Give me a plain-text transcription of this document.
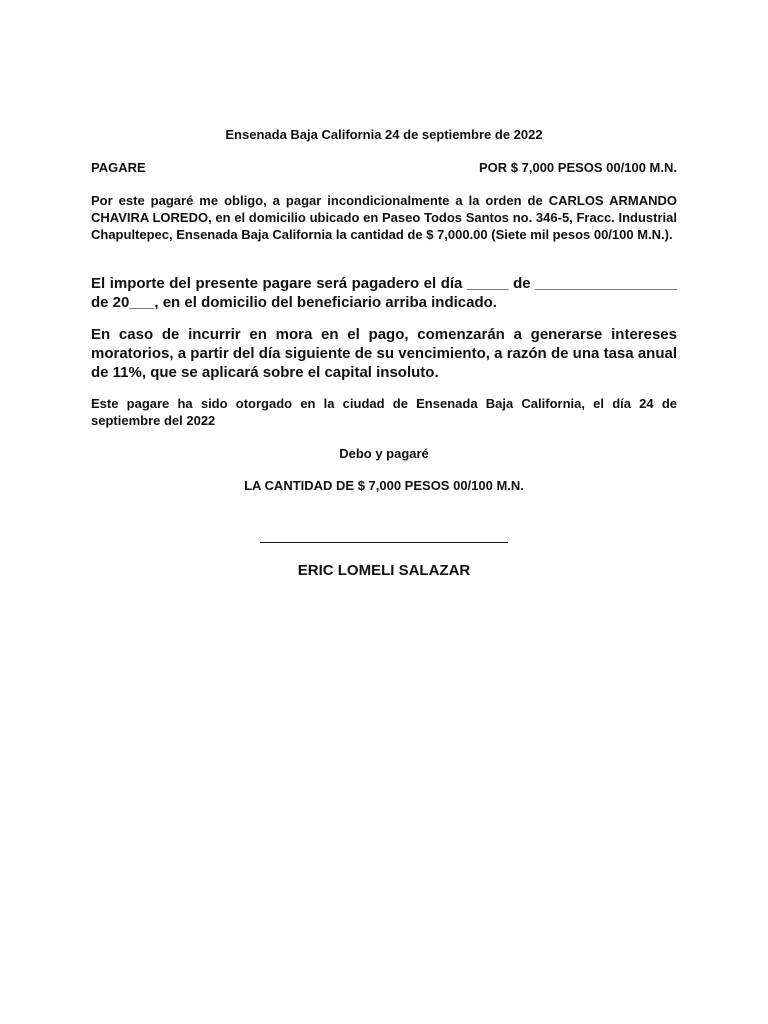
Ensenada Baja California 24 de septiembre de 2022
PAGARE	POR $ 7,000 PESOS 00/100 M.N.
Por este pagaré me obligo, a pagar incondicionalmente a la orden de CARLOS ARMANDO CHAVIRA LOREDO, en el domicilio ubicado en Paseo Todos Santos no. 346-5, Fracc. Industrial Chapultepec, Ensenada Baja California la cantidad de $ 7,000.00 (Siete mil pesos 00/100 M.N.).
El importe del presente pagare será pagadero el día _____ de _________________ de 20___, en el domicilio del beneficiario arriba indicado.
En caso de incurrir en mora en el pago, comenzarán a generarse intereses moratorios, a partir del día siguiente de su vencimiento, a razón de una tasa anual de 11%, que se aplicará sobre el capital insoluto.
Este pagare ha sido otorgado en la ciudad de Ensenada Baja California, el día 24 de septiembre del 2022
Debo y pagaré
LA CANTIDAD DE $ 7,000 PESOS 00/100 M.N.
ERIC LOMELI SALAZAR
